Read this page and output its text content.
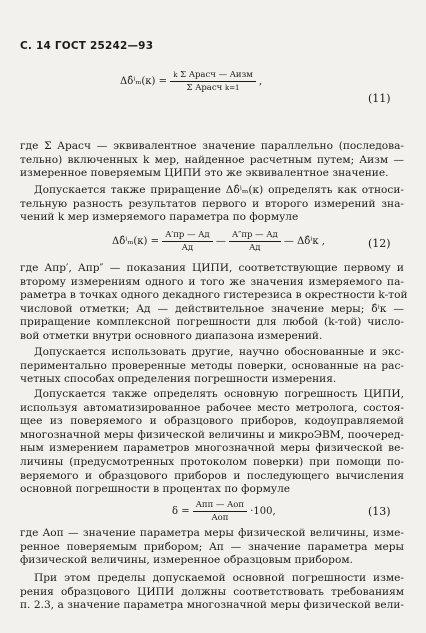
С. 14 ГОСТ 25242—93
Δδ̂ⁱₘ(к) = $\frac{\text{k Σ Aрасч — Aизм}}{\text{Σ Aрасч k=1}}$ ,
(11)
где Σ Aрасч — эквивалентное значение параллельно (последова-
тельно) включенных k мер, найденное расчетным путем; Aизм —
измеренное поверяемым ЦИПИ это же эквивалентное значение.
Допускается также приращение Δδ̂ⁱₘ(к) определять как относи-
тельную разность результатов первого и второго измерений зна-
чений k мер измеряемого параметра по формуле
Δδ̂ⁱₘ(к) = $\frac{A'пр — Aд}{Aд}$ — $\frac{A''пр — Aд}{Aд}$ — Δδ̂ⁱк ,	(12)
где Aпр′, Aпр″ — показания ЦИПИ, соответствующие первому и
второму измерениям одного и того же значения измеряемого па-
раметра в точках одного декадного гистерезиса в окрестности k-той
числовой отметки; Aд — действительное значение меры; δ̂ⁱк —
приращение комплексной погрешности для любой (k-той) число-
вой отметки внутри основного диапазона измерений.
Допускается использовать другие, научно обоснованные и экс-
периментально проверенные методы поверки, основанные на рас-
четных способах определения погрешности измерения.
Допускается также определять основную погрешность ЦИПИ,
используя автоматизированное рабочее место метролога, состоя-
щее из поверяемого и образцового приборов, кодоуправляемой
многозначной меры физической величины и микроЭВМ, поочеред-
ным измерением параметров многозначной меры физической ве-
личины (предусмотренных протоколом поверки) при помощи по-
веряемого и образцового приборов и последующего вычисления
основной погрешности в процентах по формуле
$\delta = \frac{\text{Aпп — Aоп}}{\text{Aоп}} \cdot 100$,	(13)
где Aоп — значение параметра меры физической величины, изме-
ренное поверяемым прибором; Aп — значение параметра меры
физической величины, измеренное образцовым прибором.
При этом пределы допускаемой основной погрешности изме-
рения образцового ЦИПИ должны соответствовать требованиям
п. 2.3, а значение параметра многозначной меры физической вели-
